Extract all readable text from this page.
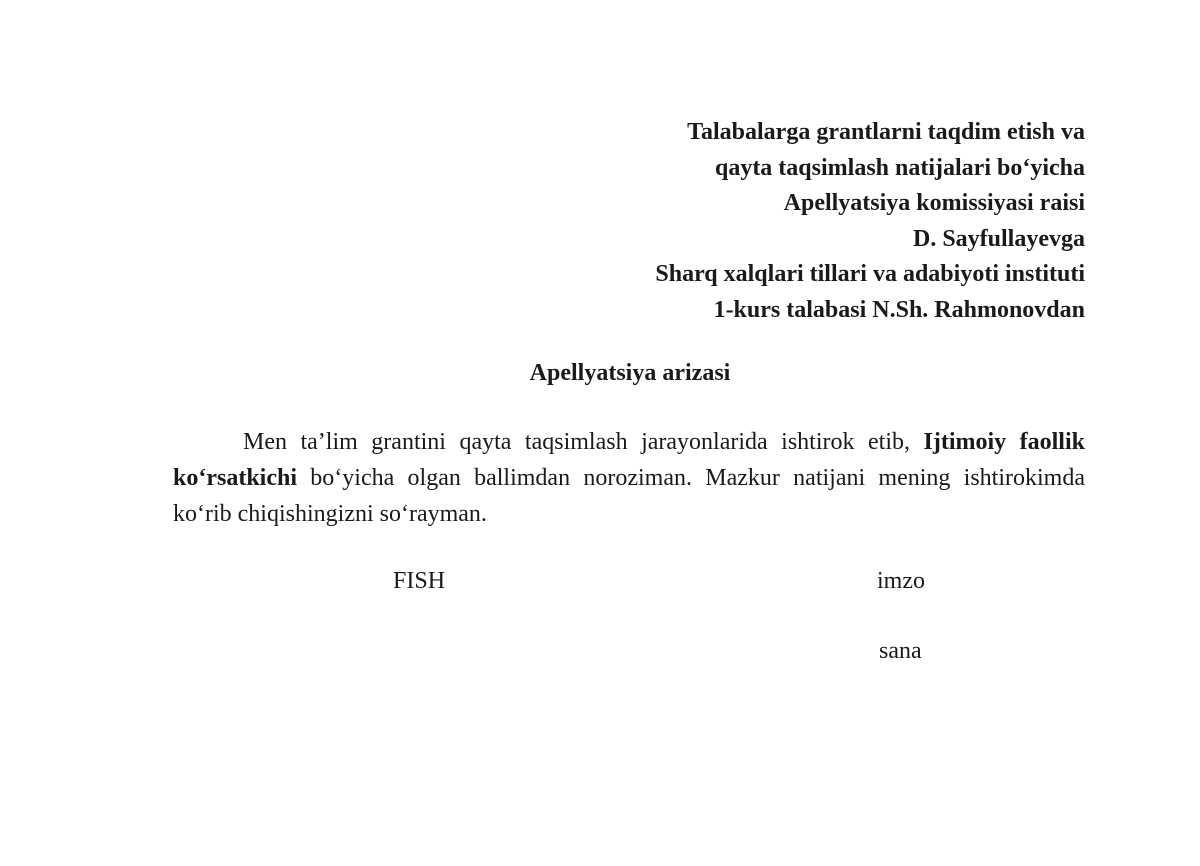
Talabalarga grantlarni taqdim etish va
qayta taqsimlash natijalari bo‘yicha
Apellyatsiya komissiyasi raisi
D. Sayfullayevga
Sharq xalqlari tillari va adabiyoti instituti
1-kurs talabasi N.Sh. Rahmonovdan
Apellyatsiya arizasi

Men ta’lim grantini qayta taqsimlash jarayonlarida ishtirok etib, Ijtimoiy faollik ko‘rsatkichi bo‘yicha olgan ballimdan noroziman. Mazkur natijani mening ishtirokimda ko‘rib chiqishingizni so‘rayman.

FISH	imzo
sana
